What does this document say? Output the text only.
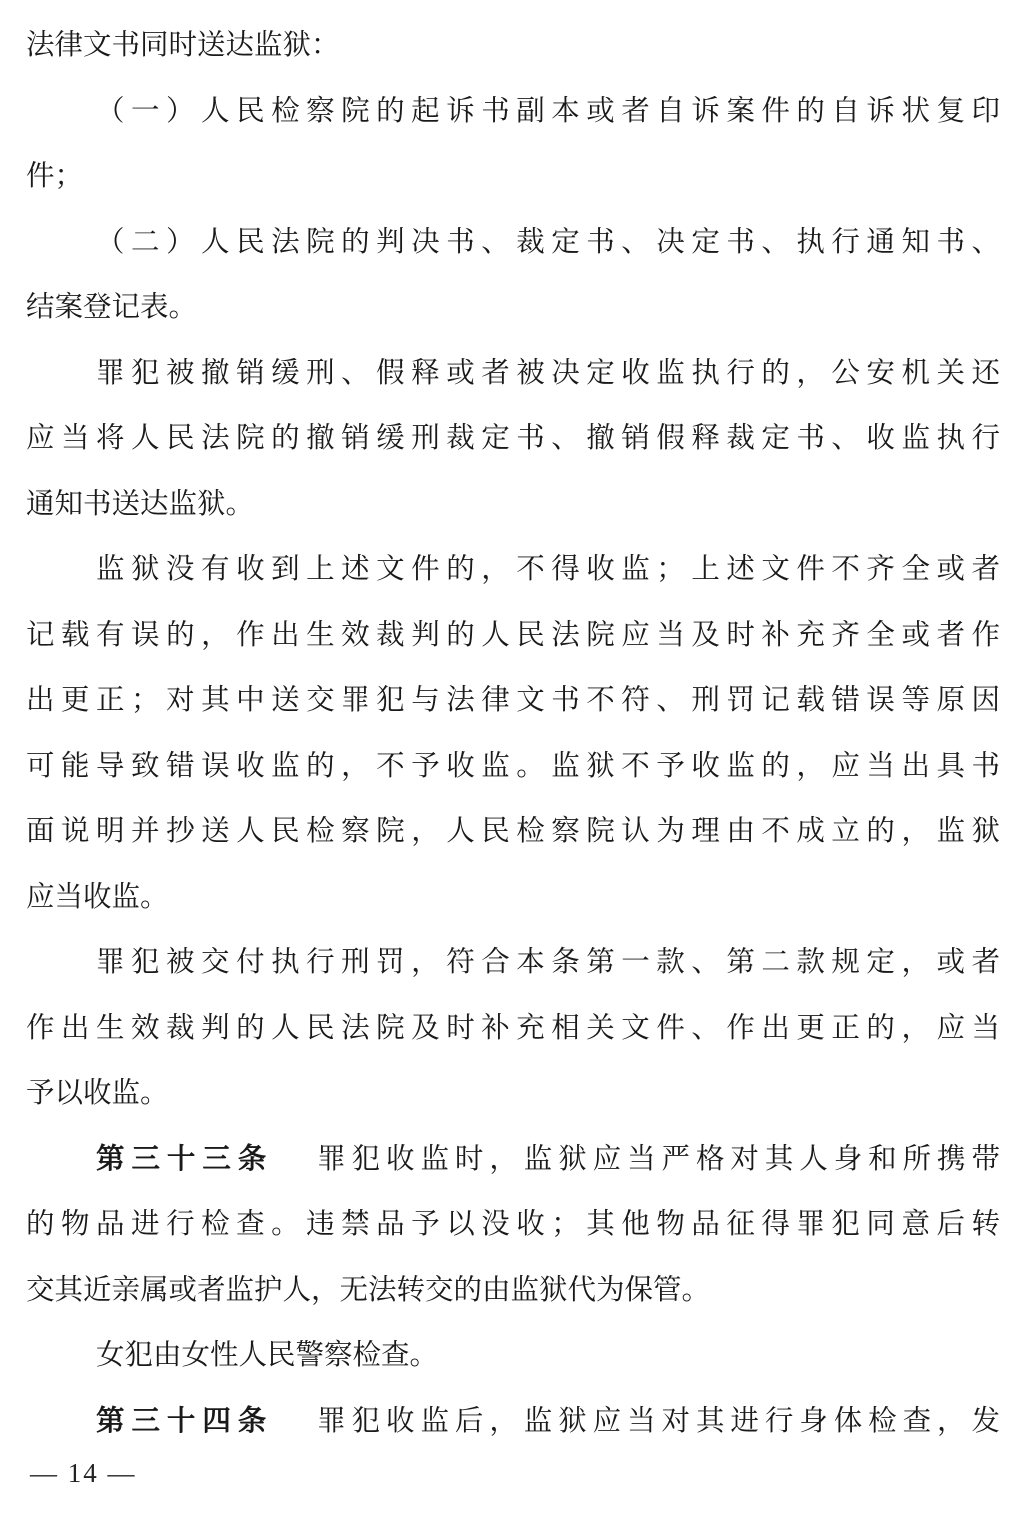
法律文书同时送达监狱：
（一）人民检察院的起诉书副本或者自诉案件的自诉状复印
件；
（二）人民法院的判决书、裁定书、决定书、执行通知书、
结案登记表。
罪犯被撤销缓刑、假释或者被决定收监执行的，公安机关还
应当将人民法院的撤销缓刑裁定书、撤销假释裁定书、收监执行
通知书送达监狱。
监狱没有收到上述文件的，不得收监；上述文件不齐全或者
记载有误的，作出生效裁判的人民法院应当及时补充齐全或者作
出更正；对其中送交罪犯与法律文书不符、刑罚记载错误等原因
可能导致错误收监的，不予收监。监狱不予收监的，应当出具书
面说明并抄送人民检察院，人民检察院认为理由不成立的，监狱
应当收监。
罪犯被交付执行刑罚，符合本条第一款、第二款规定，或者
作出生效裁判的人民法院及时补充相关文件、作出更正的，应当
予以收监。
第三十三条 罪犯收监时，监狱应当严格对其人身和所携带
的物品进行检查。违禁品予以没收；其他物品征得罪犯同意后转
交其近亲属或者监护人，无法转交的由监狱代为保管。
女犯由女性人民警察检查。
第三十四条 罪犯收监后，监狱应当对其进行身体检查，发
— 14 —
